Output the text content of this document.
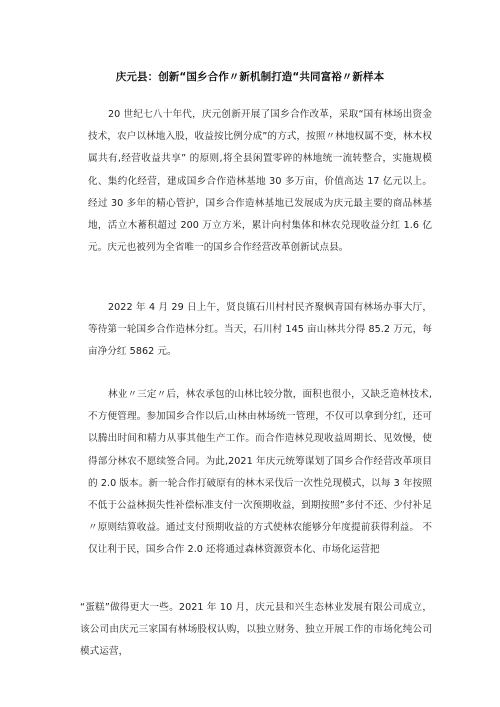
庆元县：创新“国乡合作〃新机制打造“共同富裕〃新样本

20 世纪七八十年代，庆元创新开展了国乡合作改革，采取“国有林场出资金技术，农户以林地入股，收益按比例分成”的方式，按照〃林地权属不变，林木权属共有,经营收益共享” 的原则,将全县闲置零碎的林地统一流转整合，实施规模化、集约化经营，建成国乡合作造林基地 30 多万亩，价值高达 17 亿元以上。经过 30 多年的精心管护，国乡合作造林基地已发展成为庆元最主要的商品林基地，活立木蓄积超过 200 万立方米，累计向村集体和林农兑现收益分红 1.6 亿元。庆元也被列为全省唯一的国乡合作经营改革创新试点县。

2022 年 4 月 29 日上午，贤良镇石川村村民齐聚枫青国有林场办事大厅，等待第一轮国乡合作造林分红。当天，石川村 145 亩山林共分得 85.2 万元，每亩净分红 5862 元。

林业〃三定〃后，林农承包的山林比较分散，面积也很小，又缺乏造林技术,不方便管理。参加国乡合作以后,山林由林场统一管理，不仅可以拿到分红，还可以腾出时间和精力从事其他生产工作。而合作造林兑现收益周期长、见效慢，使得部分林农不愿续签合同。为此,2021 年庆元统筹谋划了国乡合作经营改革项目的 2.0 版本。新一轮合作打破原有的林木采伐后一次性兑现模式，以每 3 年按照不低于公益林损失性补偿标准支付一次预期收益，到期按照”多付不还、少付补足〃原则结算收益。通过支付预期收益的方式使林农能够分年度提前获得利益。 不仅让利于民，国乡合作 2.0 还将通过森林资源资本化、市场化运营把

“蛋糕”做得更大一些。2021 年 10 月，庆元县和兴生态林业发展有限公司成立，该公司由庆元三家国有林场股权认购，以独立财务、独立开展工作的市场化纯公司模式运营，
